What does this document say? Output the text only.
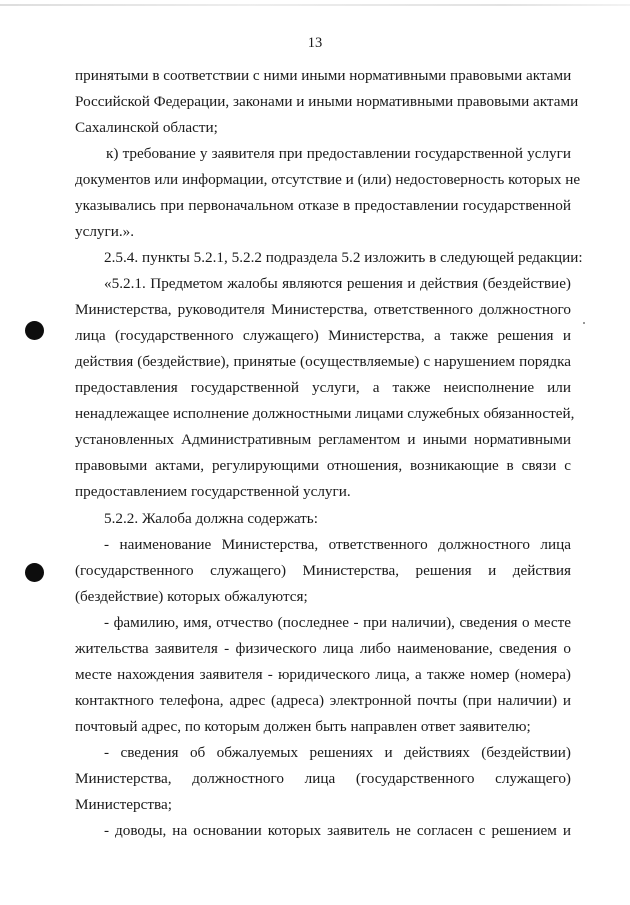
13
принятыми в соответствии с ними иными нормативными правовыми актами
Российской Федерации, законами и иными нормативными правовыми актами
Сахалинской области;
к) требование у заявителя при предоставлении государственной услуги
документов или информации, отсутствие и (или) недостоверность которых не
указывались при первоначальном отказе в предоставлении государственной
услуги.».
2.5.4. пункты 5.2.1, 5.2.2 подраздела 5.2 изложить в следующей редакции:
«5.2.1. Предметом жалобы являются решения и действия (бездействие)
Министерства, руководителя Министерства, ответственного должностного
лица (государственного служащего) Министерства, а также решения и
действия (бездействие), принятые (осуществляемые) с нарушением порядка
предоставления государственной услуги, а также неисполнение или
ненадлежащее исполнение должностными лицами служебных обязанностей,
установленных Административным регламентом и иными нормативными
правовыми актами, регулирующими отношения, возникающие в связи с
предоставлением государственной услуги.
5.2.2. Жалоба должна содержать:
- наименование Министерства, ответственного должностного лица
(государственного служащего) Министерства, решения и действия
(бездействие) которых обжалуются;
- фамилию, имя, отчество (последнее - при наличии), сведения о месте
жительства заявителя - физического лица либо наименование, сведения о
месте нахождения заявителя - юридического лица, а также номер (номера)
контактного телефона, адрес (адреса) электронной почты (при наличии) и
почтовый адрес, по которым должен быть направлен ответ заявителю;
- сведения об обжалуемых решениях и действиях (бездействии)
Министерства, должностного лица (государственного служащего)
Министерства;
- доводы, на основании которых заявитель не согласен с решением и
